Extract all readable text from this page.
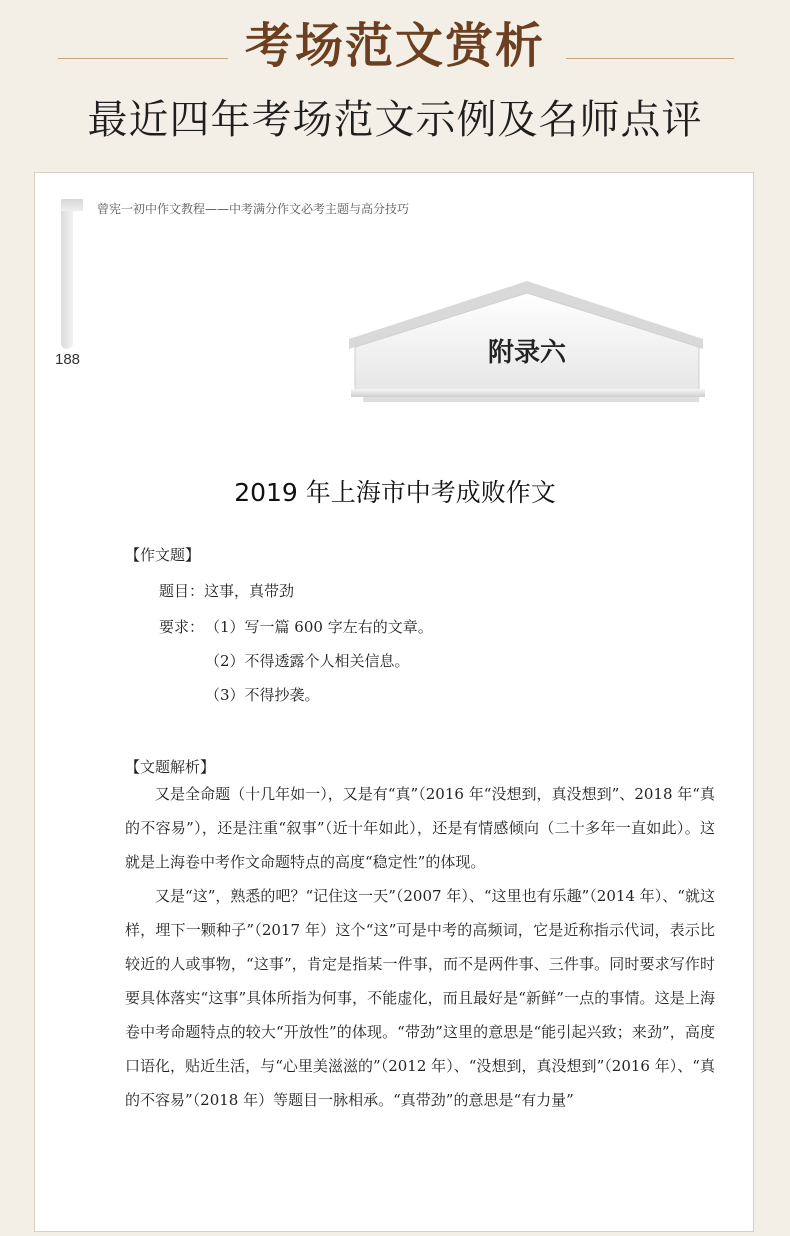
考场范文赏析
最近四年考场范文示例及名师点评
曾宪一初中作文教程——中考满分作文必考主题与高分技巧
188	附录六
2019 年上海市中考成败作文
【作文题】
题目：这事，真带劲
要求： （1）写一篇 600 字左右的文章。
（2）不得透露个人相关信息。
（3）不得抄袭。
【文题解析】

又是全命题（十几年如一），又是有“真”（2016 年“没想到，真没想到”、2018 年“真的不容易”），还是注重“叙事”（近十年如此），还是有情感倾向（二十多年一直如此）。这就是上海卷中考作文命题特点的高度“稳定性”的体现。

又是“这”，熟悉的吧？“记住这一天”（2007 年）、“这里也有乐趣”（2014 年）、“就这样，埋下一颗种子”（2017 年）这个“这”可是中考的高频词，它是近称指示代词，表示比较近的人或事物，“这事”，肯定是指某一件事，而不是两件事、三件事。同时要求写作时要具体落实“这事”具体所指为何事，不能虚化，而且最好是“新鲜”一点的事情。这是上海卷中考命题特点的较大“开放性”的体现。“带劲”这里的意思是“能引起兴致；来劲”，高度口语化，贴近生活，与“心里美滋滋的”（2012 年）、“没想到，真没想到”（2016 年）、“真的不容易”（2018 年）等题目一脉相承。“真带劲”的意思是“有力量”
